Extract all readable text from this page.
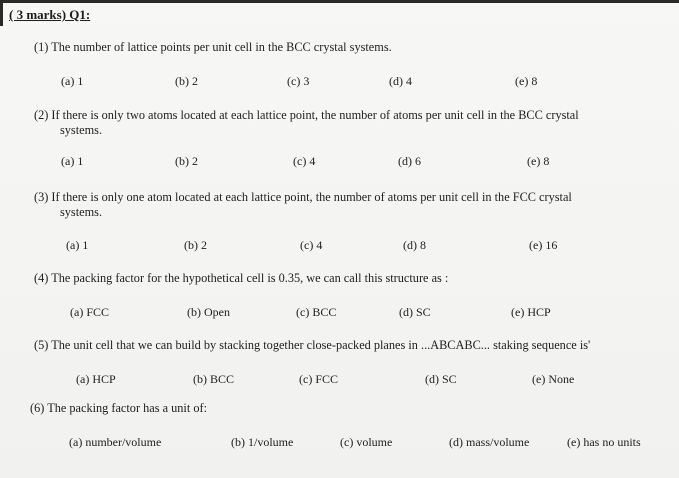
( 3 marks) Q1:
(1) The number of lattice points per unit cell in the BCC crystal systems.
(a) 1	(b) 2	(c) 3	(d) 4	(e) 8
(2) If there is only two atoms located at each lattice point, the number of atoms per unit cell in the BCC crystal
systems.
(a) 1	(b) 2	(c) 4	(d) 6	(e) 8
(3) If there is only one atom located at each lattice point, the number of atoms per unit cell in the FCC crystal
systems.
(a) 1	(b) 2	(c) 4	(d) 8	(e) 16
(4) The packing factor for the hypothetical cell is 0.35, we can call this structure as :
(a) FCC	(b) Open	(c) BCC	(d) SC	(e) HCP
(5) The unit cell that we can build by stacking together close-packed planes in ...ABCABC... staking sequence is'
(a) HCP	(b) BCC	(c) FCC	(d) SC	(e) None
(6) The packing factor has a unit of:
(a) number/volume	(b) 1/volume	(c) volume	(d) mass/volume	(e) has no units
